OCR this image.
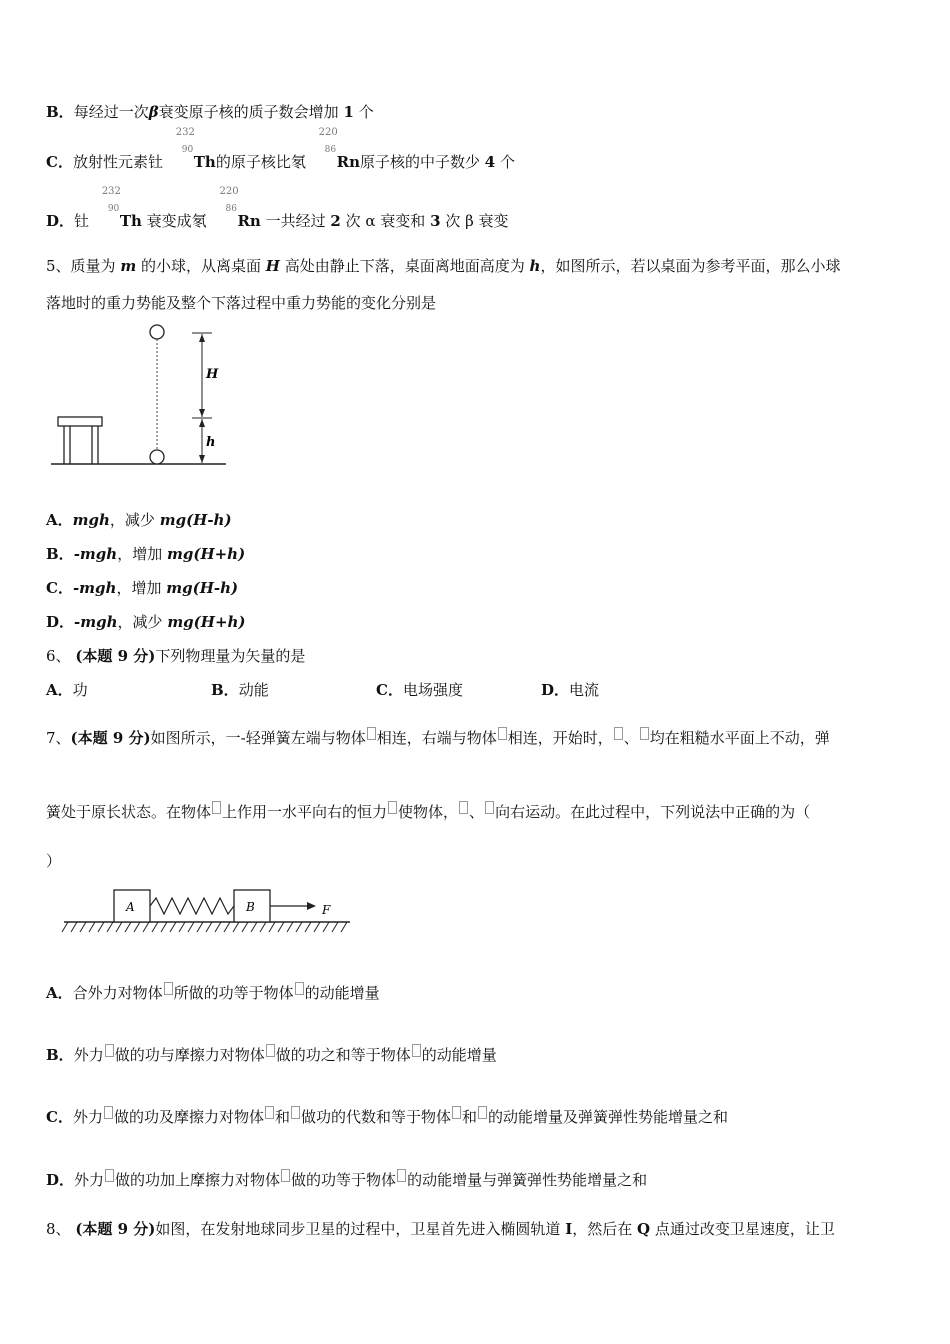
B．每经过一次β衰变原子核的质子数会增加 1 个
C．放射性元素钍
232
90
Th的原子核比氡
220
86
Rn原子核的中子数少 4 个
D．钍
232
90
Th 衰变成氡
220
86
Rn 一共经过 2 次 α 衰变和 3 次 β 衰变
5、质量为 m 的小球，从离桌面 H 高处由静止下落，桌面离地面高度为 h，如图所示，若以桌面为参考平面，那么小球
落地时的重力势能及整个下落过程中重力势能的变化分别是
H
h
A．mgh，减少 mg(H-h)
B．-mgh，增加 mg(H+h)
C．-mgh，增加 mg(H-h)
D．-mgh，减少 mg(H+h)
6、 (本题 9 分)下列物理量为矢量的是
A．功	B．动能	C．电场强度	D．电流
7、(本题 9 分)如图所示，一-轻弹簧左端与物体 相连，右端与物体 相连，开始时， 、 均在粗糙水平面上不动，弹
簧处于原长状态。在物体 上作用一水平向右的恒力 使物体， 、 向右运动。在此过程中，下列说法中正确的为（
）
A	B	F
A．合外力对物体 所做的功等于物体 的动能增量
B．外力 做的功与摩擦力对物体 做的功之和等于物体 的动能增量
C．外力 做的功及摩擦力对物体 和 做功的代数和等于物体 和 的动能增量及弹簧弹性势能增量之和
D．外力 做的功加上摩擦力对物体 做的功等于物体 的动能增量与弹簧弹性势能增量之和
8、 (本题 9 分)如图，在发射地球同步卫星的过程中，卫星首先进入椭圆轨道 I，然后在 Q 点通过改变卫星速度，让卫
